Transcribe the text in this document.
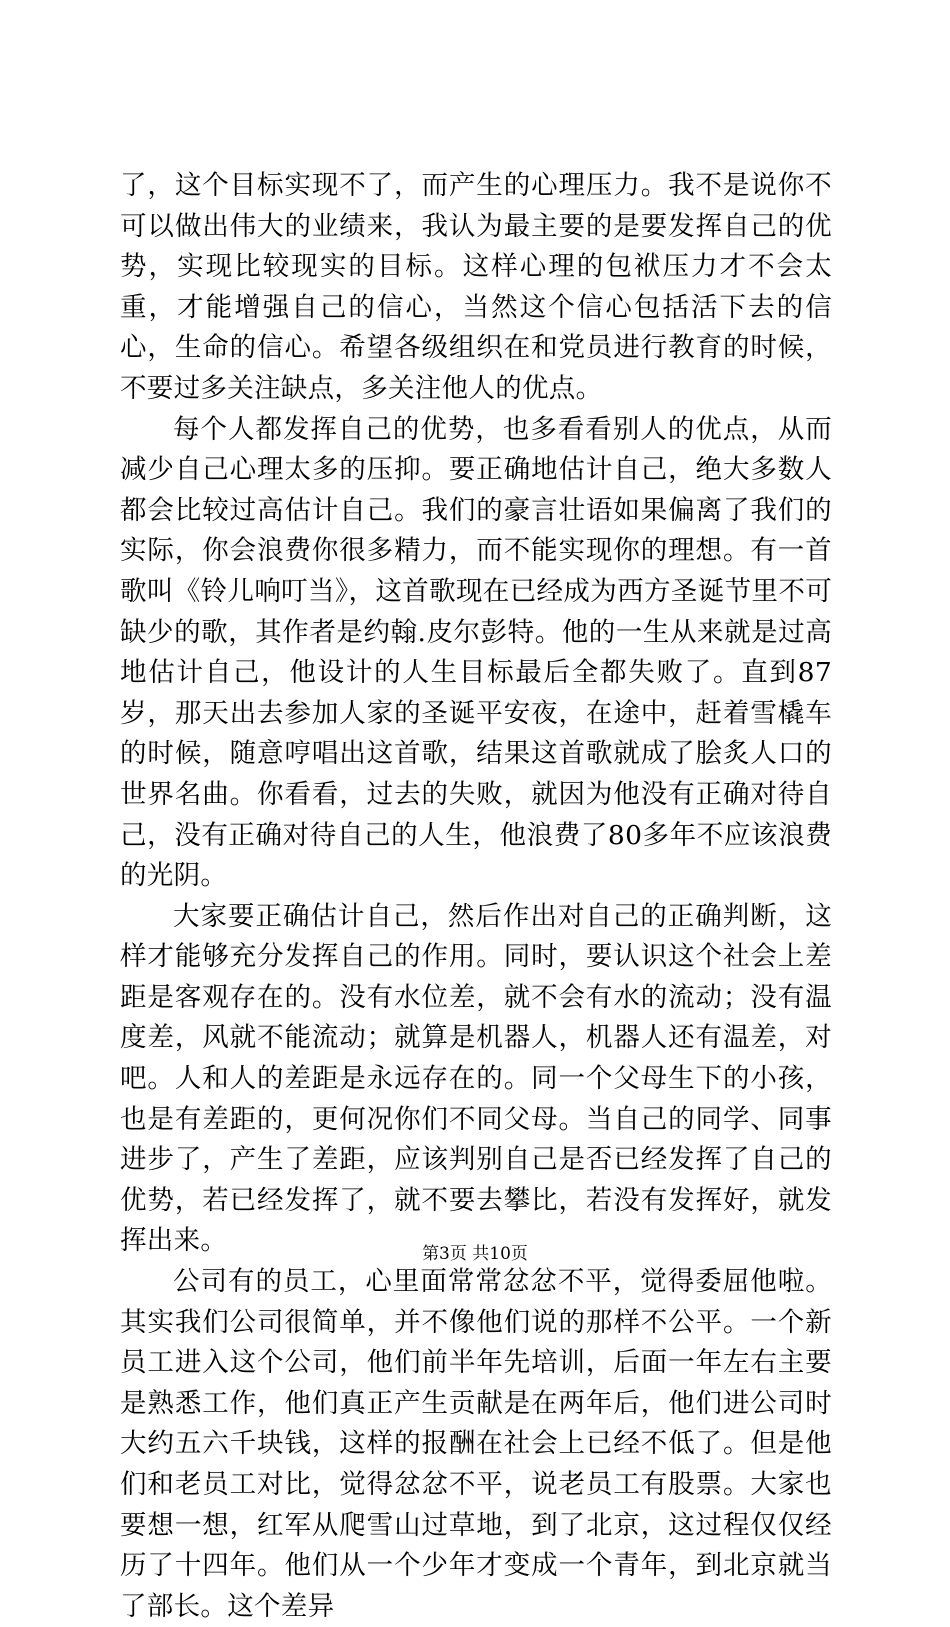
了，这个目标实现不了，而产生的心理压力。我不是说你不可以做出伟大的业绩来，我认为最主要的是要发挥自己的优势，实现比较现实的目标。这样心理的包袱压力才不会太重，才能增强自己的信心，当然这个信心包括活下去的信心，生命的信心。希望各级组织在和党员进行教育的时候，不要过多关注缺点，多关注他人的优点。

每个人都发挥自己的优势，也多看看别人的优点，从而减少自己心理太多的压抑。要正确地估计自己，绝大多数人都会比较过高估计自己。我们的豪言壮语如果偏离了我们的实际，你会浪费你很多精力，而不能实现你的理想。有一首歌叫《铃儿响叮当》，这首歌现在已经成为西方圣诞节里不可缺少的歌，其作者是约翰.皮尔彭特。他的一生从来就是过高地估计自己，他设计的人生目标最后全都失败了。直到87岁，那天出去参加人家的圣诞平安夜，在途中，赶着雪橇车的时候，随意哼唱出这首歌，结果这首歌就成了脍炙人口的世界名曲。你看看，过去的失败，就因为他没有正确对待自己，没有正确对待自己的人生，他浪费了80多年不应该浪费的光阴。

大家要正确估计自己，然后作出对自己的正确判断，这样才能够充分发挥自己的作用。同时，要认识这个社会上差距是客观存在的。没有水位差，就不会有水的流动；没有温度差，风就不能流动；就算是机器人，机器人还有温差，对吧。人和人的差距是永远存在的。同一个父母生下的小孩，也是有差距的，更何况你们不同父母。当自己的同学、同事进步了，产生了差距，应该判别自己是否已经发挥了自己的优势，若已经发挥了，就不要去攀比，若没有发挥好，就发挥出来。

公司有的员工，心里面常常忿忿不平，觉得委屈他啦。其实我们公司很简单，并不像他们说的那样不公平。一个新员工进入这个公司，他们前半年先培训，后面一年左右主要是熟悉工作，他们真正产生贡献是在两年后，他们进公司时大约五六千块钱，这样的报酬在社会上已经不低了。但是他们和老员工对比，觉得忿忿不平，说老员工有股票。大家也要想一想，红军从爬雪山过草地，到了北京，这过程仅仅经历了十四年。他们从一个少年才变成一个青年，到北京就当了部长。这个差异

第3页 共10页
